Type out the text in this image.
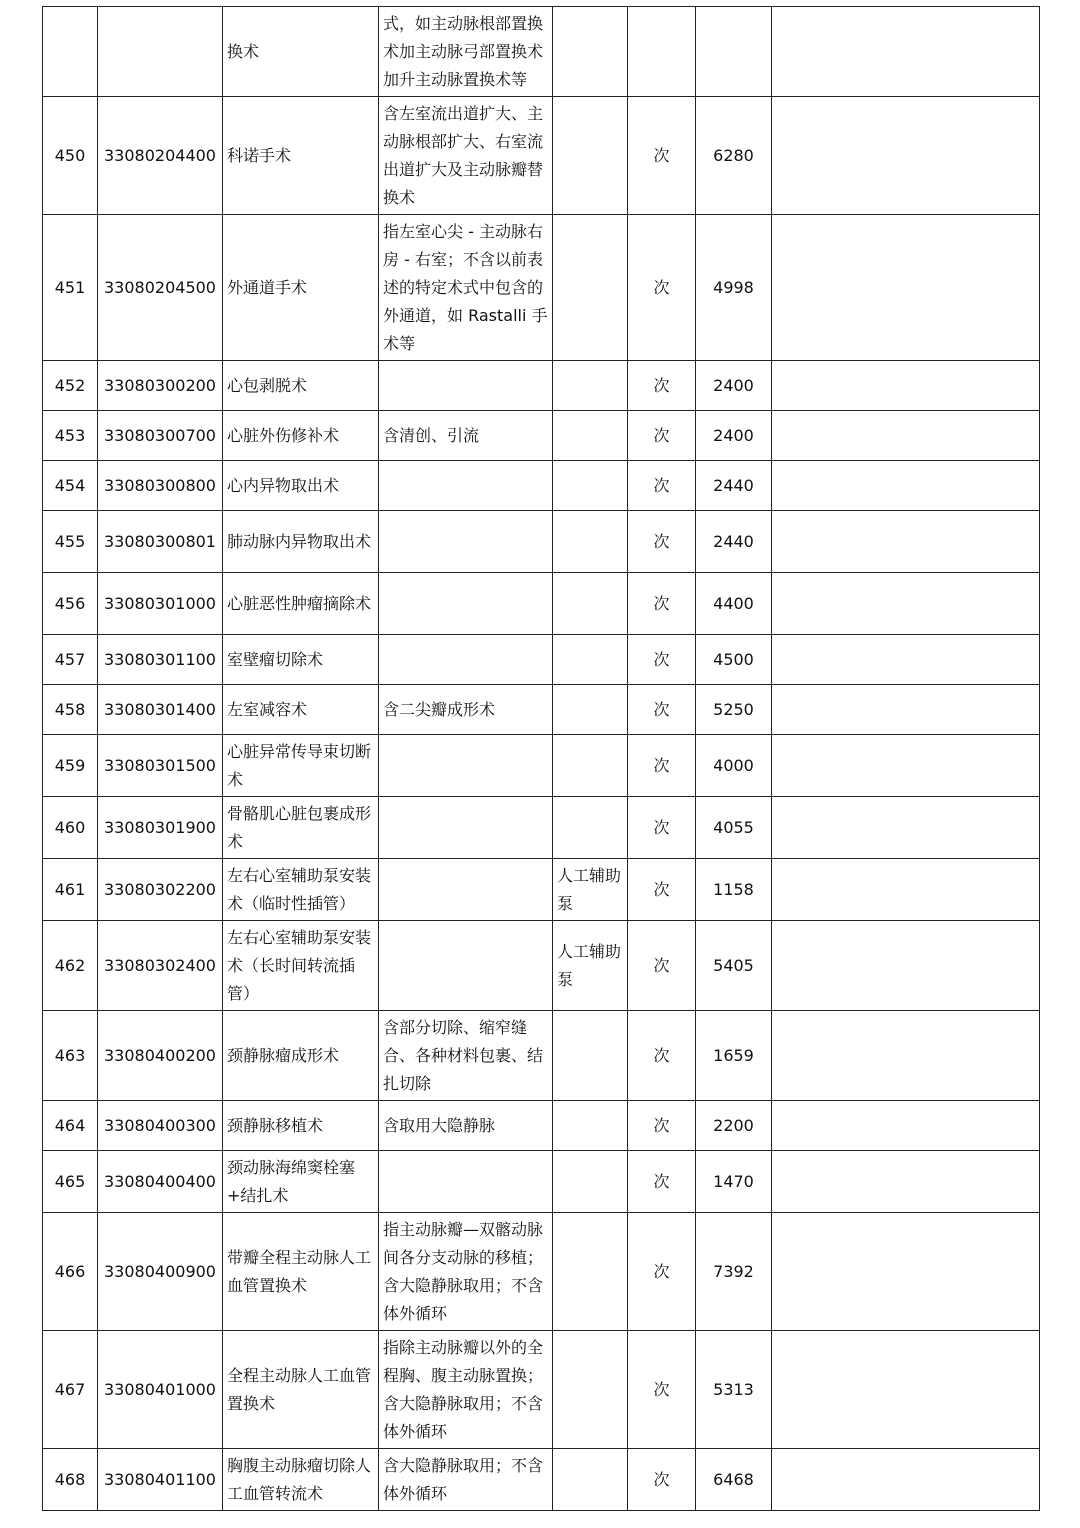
		换术	式，如主动脉根部置换术加主动脉弓部置换术加升主动脉置换术等				
450	33080204400	科诺手术	含左室流出道扩大、主动脉根部扩大、右室流出道扩大及主动脉瓣替换术		次	6280	
451	33080204500	外通道手术	指左室心尖 - 主动脉右房 - 右室；不含以前表述的特定术式中包含的外通道，如 Rastalli 手术等		次	4998	
452	33080300200	心包剥脱术			次	2400	
453	33080300700	心脏外伤修补术	含清创、引流		次	2400	
454	33080300800	心内异物取出术			次	2440	
455	33080300801	肺动脉内异物取出术			次	2440	
456	33080301000	心脏恶性肿瘤摘除术			次	4400	
457	33080301100	室壁瘤切除术			次	4500	
458	33080301400	左室减容术	含二尖瓣成形术		次	5250	
459	33080301500	心脏异常传导束切断术			次	4000	
460	33080301900	骨骼肌心脏包裹成形术			次	4055	
461	33080302200	左右心室辅助泵安装术（临时性插管）		人工辅助泵	次	1158	
462	33080302400	左右心室辅助泵安装术（长时间转流插管）		人工辅助泵	次	5405	
463	33080400200	颈静脉瘤成形术	含部分切除、缩窄缝合、各种材料包裹、结扎切除		次	1659	
464	33080400300	颈静脉移植术	含取用大隐静脉		次	2200	
465	33080400400	颈动脉海绵窦栓塞+结扎术			次	1470	
466	33080400900	带瓣全程主动脉人工血管置换术	指主动脉瓣—双髂动脉间各分支动脉的移植；含大隐静脉取用；不含体外循环		次	7392	
467	33080401000	全程主动脉人工血管置换术	指除主动脉瓣以外的全程胸、腹主动脉置换；含大隐静脉取用；不含体外循环		次	5313	
468	33080401100	胸腹主动脉瘤切除人工血管转流术	含大隐静脉取用；不含体外循环		次	6468	
